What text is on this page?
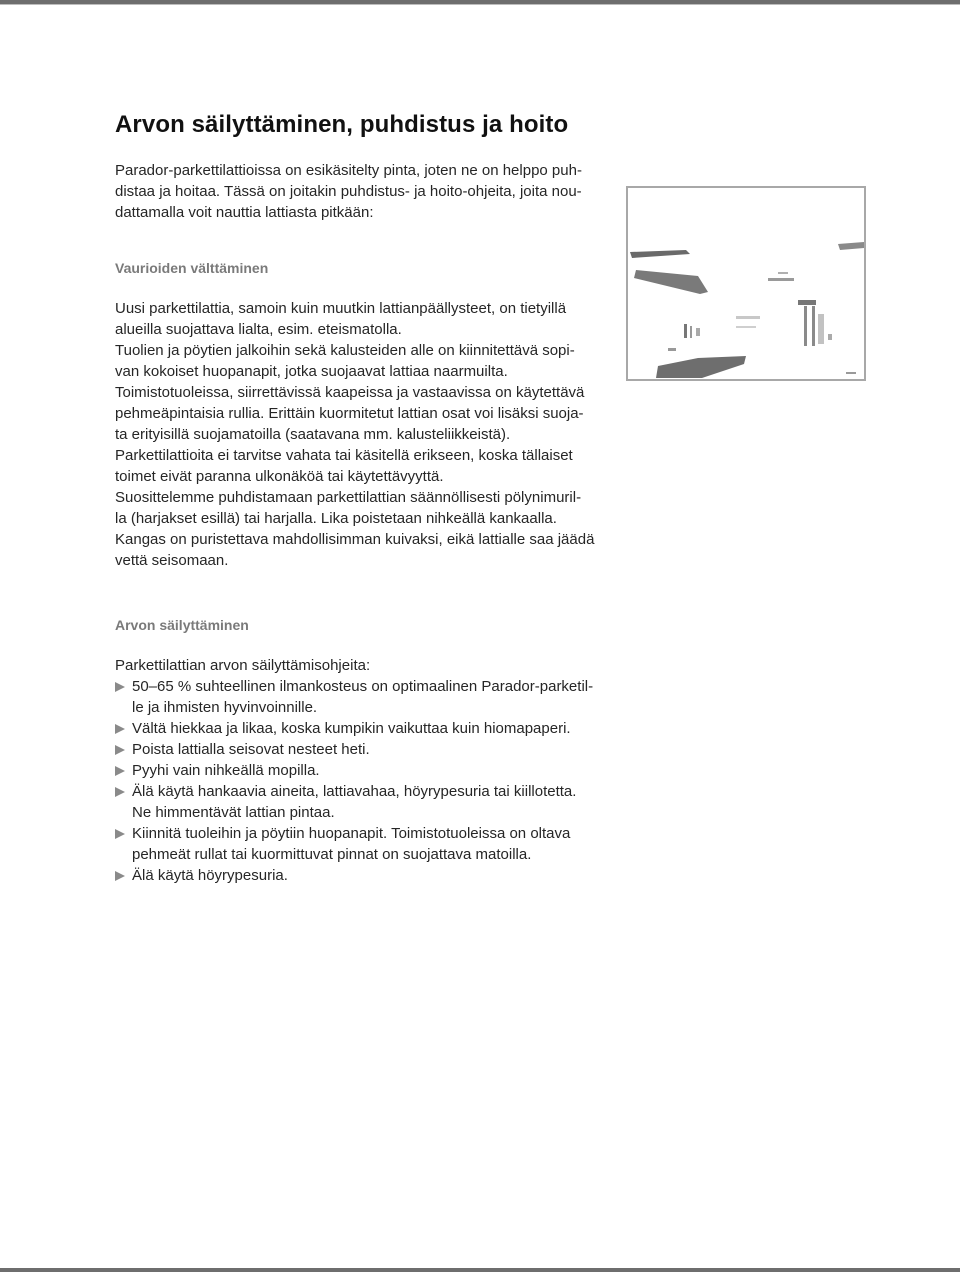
Arvon säilyttäminen, puhdistus ja hoito

Parador-parkettilattioissa on esikäsitelty pinta, joten ne on helppo puh-

distaa ja hoitaa. Tässä on joitakin puhdistus- ja hoito-ohjeita, joita nou-

dattamalla voit nauttia lattiasta pitkään:

Vaurioiden välttäminen

Uusi parkettilattia, samoin kuin muutkin lattianpäällysteet, on tietyillä

alueilla suojattava lialta, esim. eteismatolla.

Tuolien ja pöytien jalkoihin sekä kalusteiden alle on kiinnitettävä sopi-

van kokoiset huopanapit, jotka suojaavat lattiaa naarmuilta.

Toimistotuoleissa, siirrettävissä kaapeissa ja vastaavissa on käytettävä

pehmeäpintaisia rullia. Erittäin kuormitetut lattian osat voi lisäksi suoja-

ta erityisillä suojamatoilla (saatavana mm. kalusteliikkeistä).

Parkettilattioita ei tarvitse vahata tai käsitellä erikseen, koska tällaiset

toimet eivät paranna ulkonäköä tai käytettävyyttä.

Suosittelemme puhdistamaan parkettilattian säännöllisesti pölynimuril-

la (harjakset esillä) tai harjalla. Lika poistetaan nihkeällä kankaalla.

Kangas on puristettava mahdollisimman kuivaksi, eikä lattialle saa jäädä

vettä seisomaan.

Arvon säilyttäminen

Parkettilattian arvon säilyttämisohjeita:

50–65 % suhteellinen ilmankosteus on optimaalinen Parador-parketil-
le ja ihmisten hyvinvoinnille.
Vältä hiekkaa ja likaa, koska kumpikin vaikuttaa kuin hiomapaperi.
Poista lattialla seisovat nesteet heti.
Pyyhi vain nihkeällä mopilla.
Älä käytä hankaavia aineita, lattiavahaa, höyrypesuria tai kiillotetta.
Ne himmentävät lattian pintaa.
Kiinnitä tuoleihin ja pöytiin huopanapit. Toimistotuoleissa on oltava
pehmeät rullat tai kuormittuvat pinnat on suojattava matoilla.
Älä käytä höyrypesuria.
